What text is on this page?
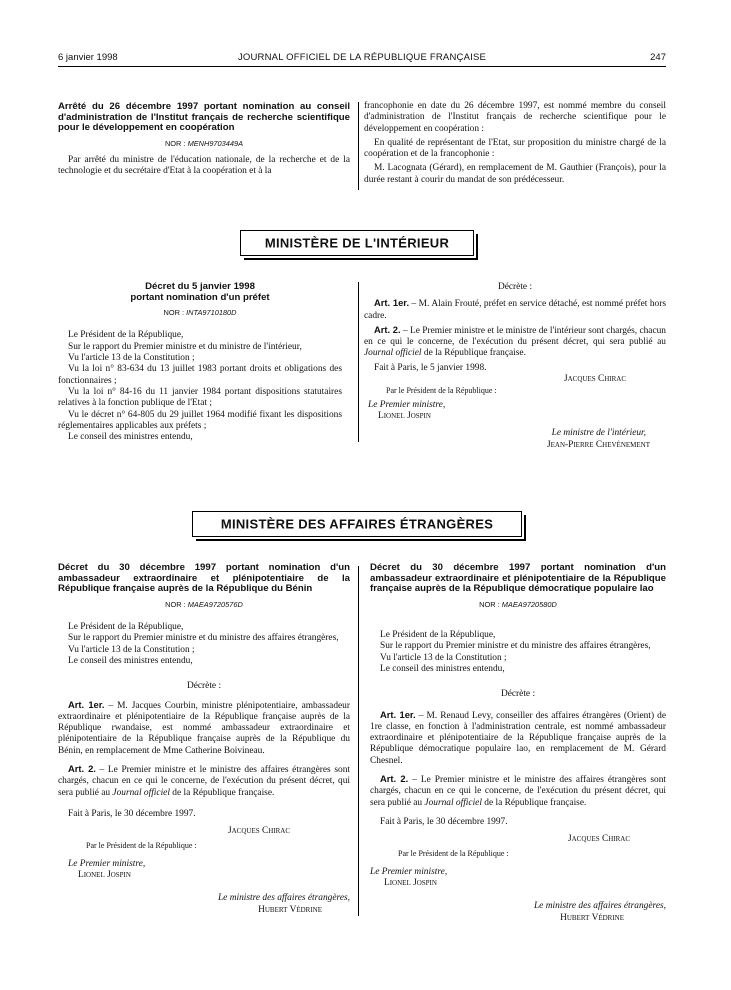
6 janvier 1998	JOURNAL OFFICIEL DE LA RÉPUBLIQUE FRANÇAISE	247

Arrêté du 26 décembre 1997 portant nomination au conseil d'administration de l'Institut français de recherche scientifique pour le développement en coopération

NOR : MENH9703449A

Par arrêté du ministre de l'éducation nationale, de la recherche et de la technologie et du secrétaire d'Etat à la coopération et à la

francophonie en date du 26 décembre 1997, est nommé membre du conseil d'administration de l'Institut français de recherche scientifique pour le développement en coopération :

En qualité de représentant de l'Etat, sur proposition du ministre chargé de la coopération et de la francophonie :

M. Lacognata (Gérard), en remplacement de M. Gauthier (François), pour la durée restant à courir du mandat de son prédécesseur.

MINISTÈRE DE L'INTÉRIEUR

Décret du 5 janvier 1998

portant nomination d'un préfet

NOR : INTA9710180D

Le Président de la République,

Sur le rapport du Premier ministre et du ministre de l'intérieur,

Vu l'article 13 de la Constitution ;

Vu la loi n° 83-634 du 13 juillet 1983 portant droits et obligations des fonctionnaires ;

Vu la loi n° 84-16 du 11 janvier 1984 portant dispositions statutaires relatives à la fonction publique de l'Etat ;

Vu le décret n° 64-805 du 29 juillet 1964 modifié fixant les dispositions réglementaires applicables aux préfets ;

Le conseil des ministres entendu,

Décrète :

Art. 1er. – M. Alain Frouté, préfet en service détaché, est nommé préfet hors cadre.

Art. 2. – Le Premier ministre et le ministre de l'intérieur sont chargés, chacun en ce qui le concerne, de l'exécution du présent décret, qui sera publié au Journal officiel de la République française.

Fait à Paris, le 5 janvier 1998.

Jacques Chirac

Par le Président de la République :

Le Premier ministre,

Lionel Jospin

Le ministre de l'intérieur,

Jean-Pierre Chevènement

MINISTÈRE DES AFFAIRES ÉTRANGÈRES

Décret du 30 décembre 1997 portant nomination d'un ambassadeur extraordinaire et plénipotentiaire de la République française auprès de la République du Bénin

NOR : MAEA9720576D

Le Président de la République,

Sur le rapport du Premier ministre et du ministre des affaires étrangères,

Vu l'article 13 de la Constitution ;

Le conseil des ministres entendu,

Décrète :

Art. 1er. – M. Jacques Courbin, ministre plénipotentiaire, ambassadeur extraordinaire et plénipotentiaire de la République française auprès de la République rwandaise, est nommé ambassadeur extraordinaire et plénipotentiaire de la République française auprès de la République du Bénin, en remplacement de Mme Catherine Boivineau.

Art. 2. – Le Premier ministre et le ministre des affaires étrangères sont chargés, chacun en ce qui le concerne, de l'exécution du présent décret, qui sera publié au Journal officiel de la République française.

Fait à Paris, le 30 décembre 1997.

Jacques Chirac

Par le Président de la République :

Le Premier ministre,

Lionel Jospin

Le ministre des affaires étrangères,

Hubert Védrine

Décret du 30 décembre 1997 portant nomination d'un ambassadeur extraordinaire et plénipotentiaire de la République française auprès de la République démocratique populaire lao

NOR : MAEA9720580D

Le Président de la République,

Sur le rapport du Premier ministre et du ministre des affaires étrangères,

Vu l'article 13 de la Constitution ;

Le conseil des ministres entendu,

Décrète :

Art. 1er. – M. Renaud Levy, conseiller des affaires étrangères (Orient) de 1re classe, en fonction à l'administration centrale, est nommé ambassadeur extraordinaire et plénipotentiaire de la République française auprès de la République démocratique populaire lao, en remplacement de M. Gérard Chesnel.

Art. 2. – Le Premier ministre et le ministre des affaires étrangères sont chargés, chacun en ce qui le concerne, de l'exécution du présent décret, qui sera publié au Journal officiel de la République française.

Fait à Paris, le 30 décembre 1997.

Jacques Chirac

Par le Président de la République :

Le Premier ministre,

Lionel Jospin

Le ministre des affaires étrangères,

Hubert Védrine
